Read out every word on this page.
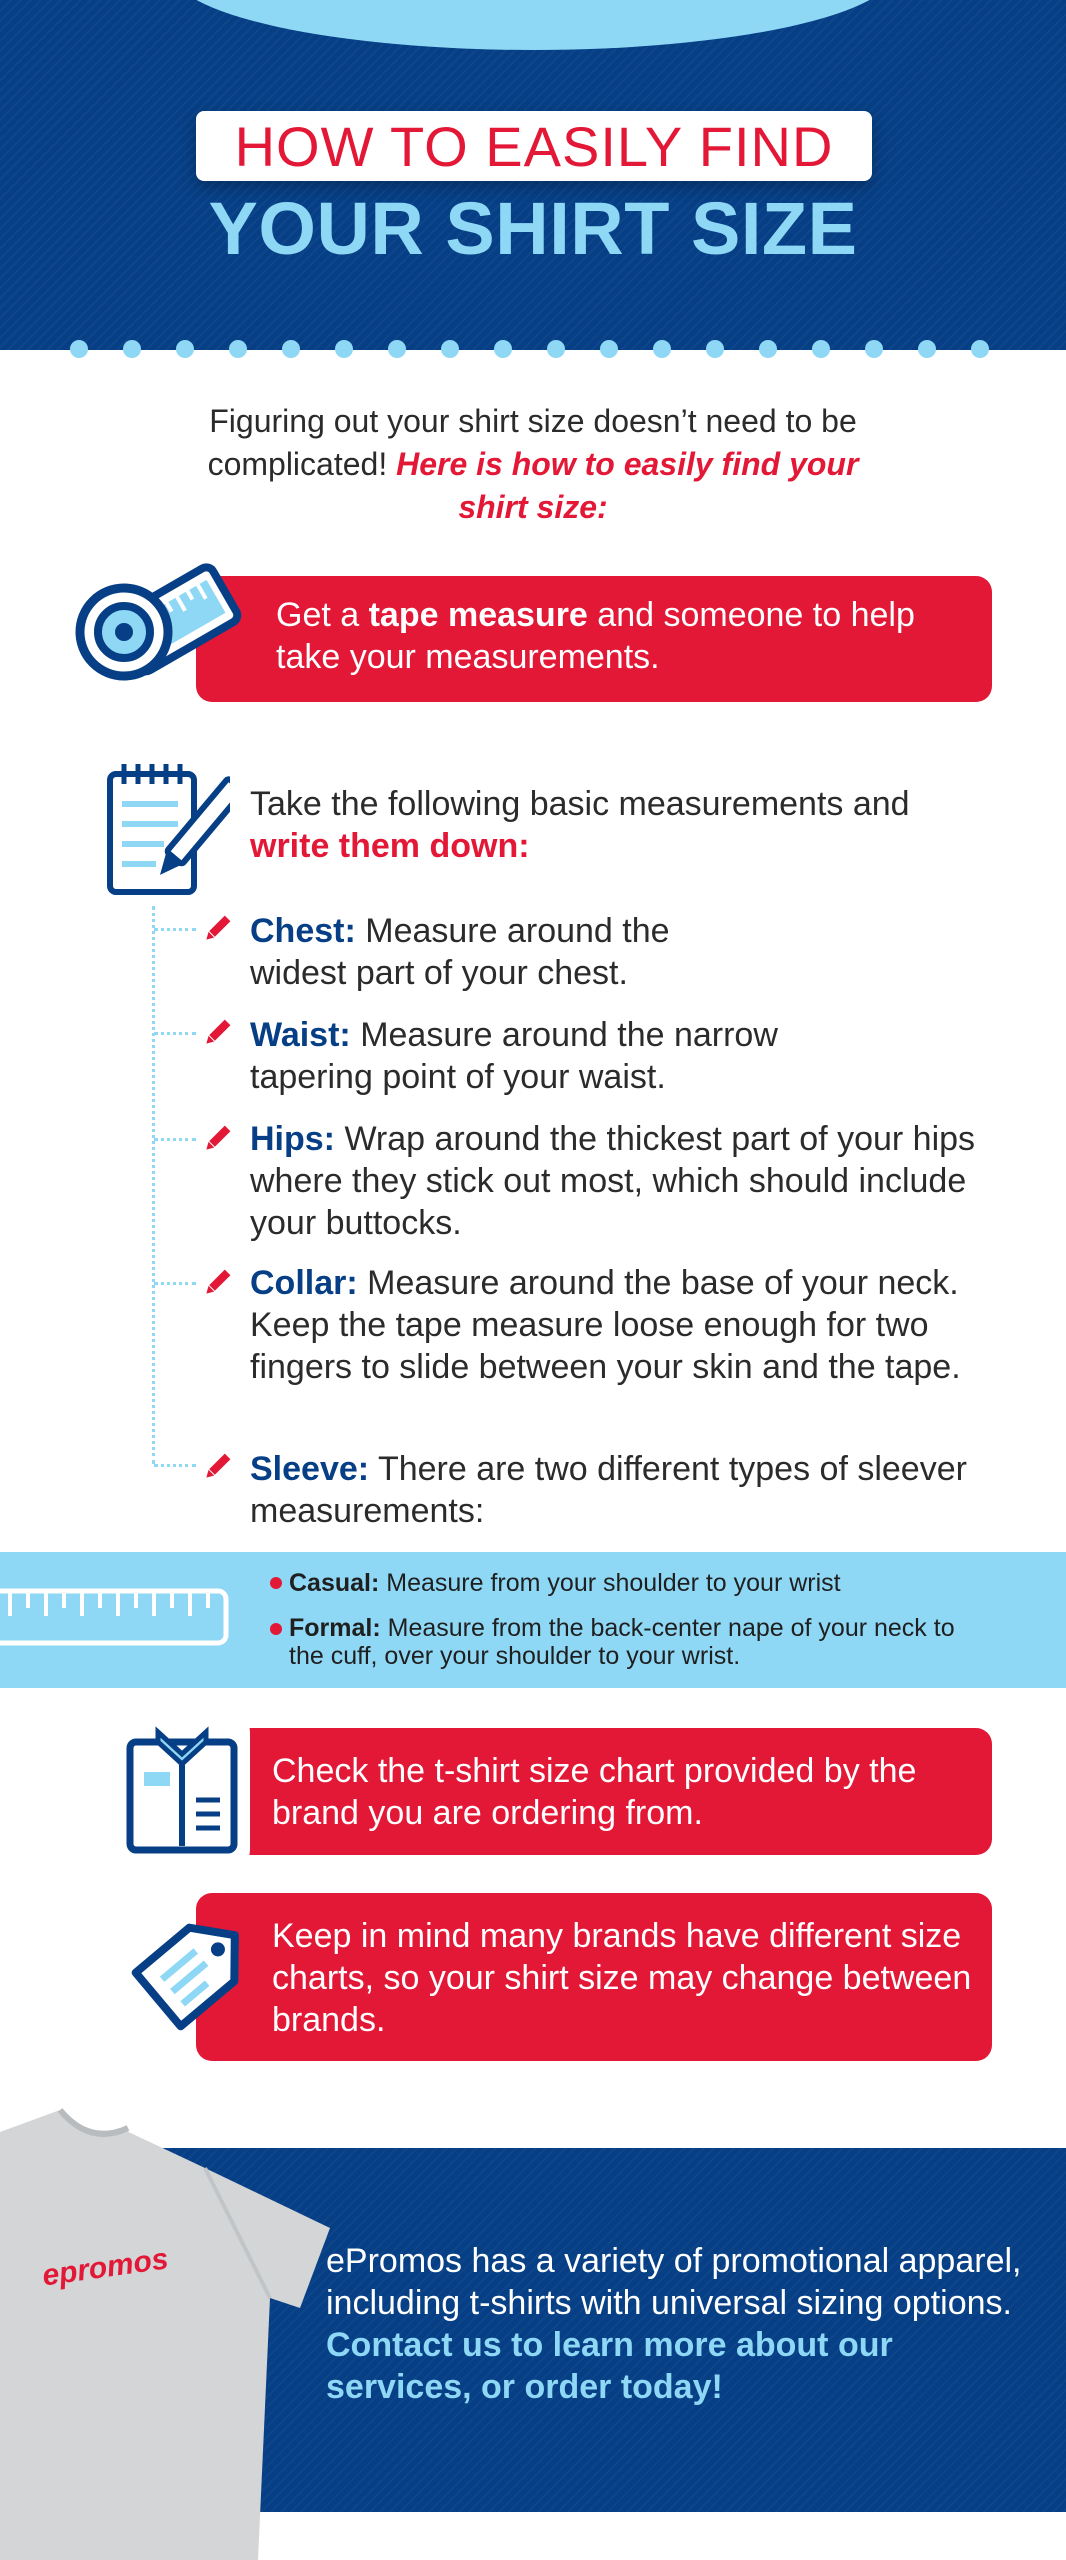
HOW TO EASILY FIND
YOUR SHIRT SIZE
Figuring out your shirt size doesn’t need to be complicated! Here is how to easily find your shirt size:
Get a tape measure and someone to help take your measurements.
Take the following basic measurements and
write them down:
Chest: Measure around the widest part of your chest.
Waist: Measure around the narrow tapering point of your waist.
Hips: Wrap around the thickest part of your hips where they stick out most, which should include your buttocks.
Collar: Measure around the base of your neck. Keep the tape measure loose enough for two fingers to slide between your skin and the tape.
Sleeve: There are two different types of sleever measurements:
Casual: Measure from your shoulder to your wrist
Formal: Measure from the back-center nape of your neck to the cuff, over your shoulder to your wrist.
Check the t-shirt size chart provided by the brand you are ordering from.
Keep in mind many brands have different size charts, so your shirt size may change between brands.
epromos	ePromos has a variety of promotional apparel, including t-shirts with universal sizing options. Contact us to learn more about our services, or order today!
